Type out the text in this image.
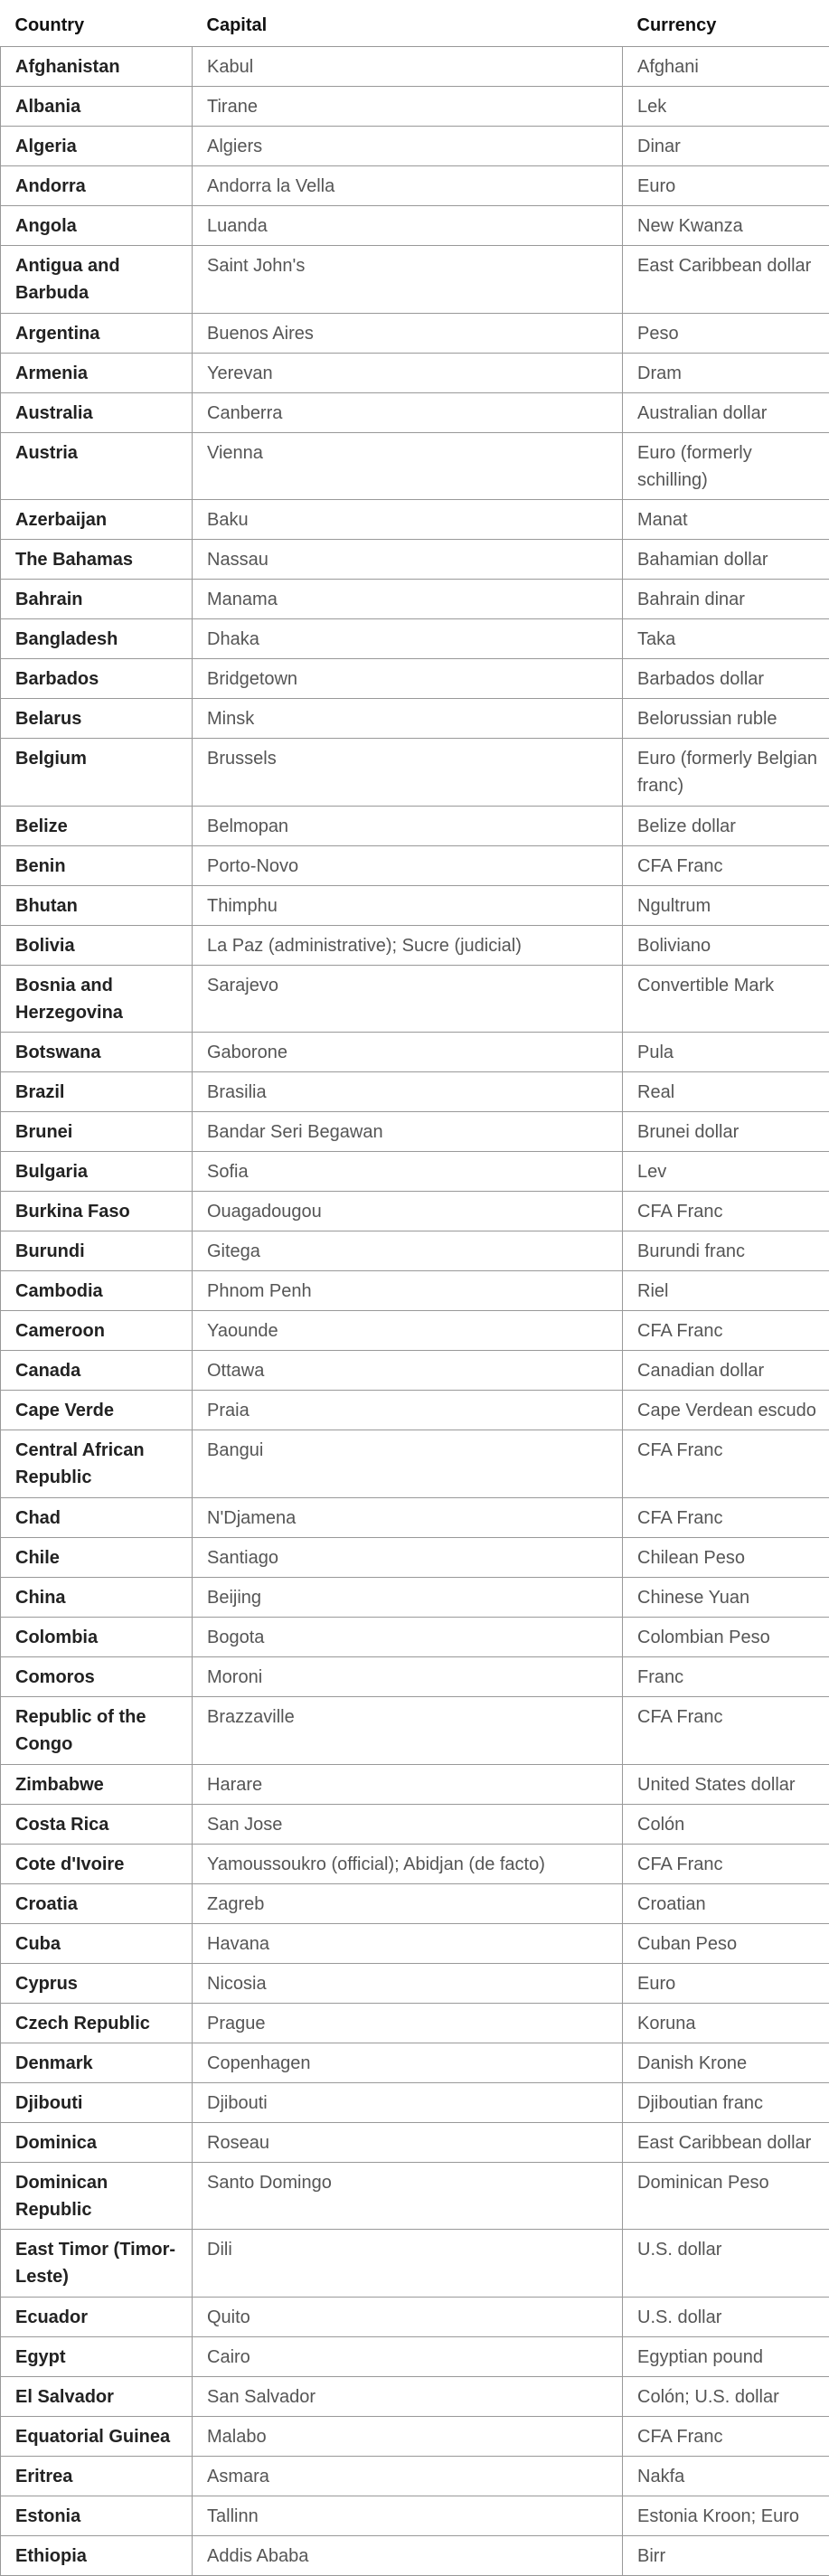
Country	Capital	Currency
Afghanistan	Kabul	Afghani
Albania	Tirane	Lek
Algeria	Algiers	Dinar
Andorra	Andorra la Vella	Euro
Angola	Luanda	New Kwanza
Antigua and Barbuda	Saint John's	East Caribbean dollar
Argentina	Buenos Aires	Peso
Armenia	Yerevan	Dram
Australia	Canberra	Australian dollar
Austria	Vienna	Euro (formerly schilling)
Azerbaijan	Baku	Manat
The Bahamas	Nassau	Bahamian dollar
Bahrain	Manama	Bahrain dinar
Bangladesh	Dhaka	Taka
Barbados	Bridgetown	Barbados dollar
Belarus	Minsk	Belorussian ruble
Belgium	Brussels	Euro (formerly Belgian franc)
Belize	Belmopan	Belize dollar
Benin	Porto-Novo	CFA Franc
Bhutan	Thimphu	Ngultrum
Bolivia	La Paz (administrative); Sucre (judicial)	Boliviano
Bosnia and Herzegovina	Sarajevo	Convertible Mark
Botswana	Gaborone	Pula
Brazil	Brasilia	Real
Brunei	Bandar Seri Begawan	Brunei dollar
Bulgaria	Sofia	Lev
Burkina Faso	Ouagadougou	CFA Franc
Burundi	Gitega	Burundi franc
Cambodia	Phnom Penh	Riel
Cameroon	Yaounde	CFA Franc
Canada	Ottawa	Canadian dollar
Cape Verde	Praia	Cape Verdean escudo
Central African Republic	Bangui	CFA Franc
Chad	N'Djamena	CFA Franc
Chile	Santiago	Chilean Peso
China	Beijing	Chinese Yuan
Colombia	Bogota	Colombian Peso
Comoros	Moroni	Franc
Republic of the Congo	Brazzaville	CFA Franc
Zimbabwe	Harare	United States dollar
Costa Rica	San Jose	Colón
Cote d'Ivoire	Yamoussoukro (official); Abidjan (de facto)	CFA Franc
Croatia	Zagreb	Croatian
Cuba	Havana	Cuban Peso
Cyprus	Nicosia	Euro
Czech Republic	Prague	Koruna
Denmark	Copenhagen	Danish Krone
Djibouti	Djibouti	Djiboutian franc
Dominica	Roseau	East Caribbean dollar
Dominican Republic	Santo Domingo	Dominican Peso
East Timor (Timor-Leste)	Dili	U.S. dollar
Ecuador	Quito	U.S. dollar
Egypt	Cairo	Egyptian pound
El Salvador	San Salvador	Colón; U.S. dollar
Equatorial Guinea	Malabo	CFA Franc
Eritrea	Asmara	Nakfa
Estonia	Tallinn	Estonia Kroon; Euro
Ethiopia	Addis Ababa	Birr
